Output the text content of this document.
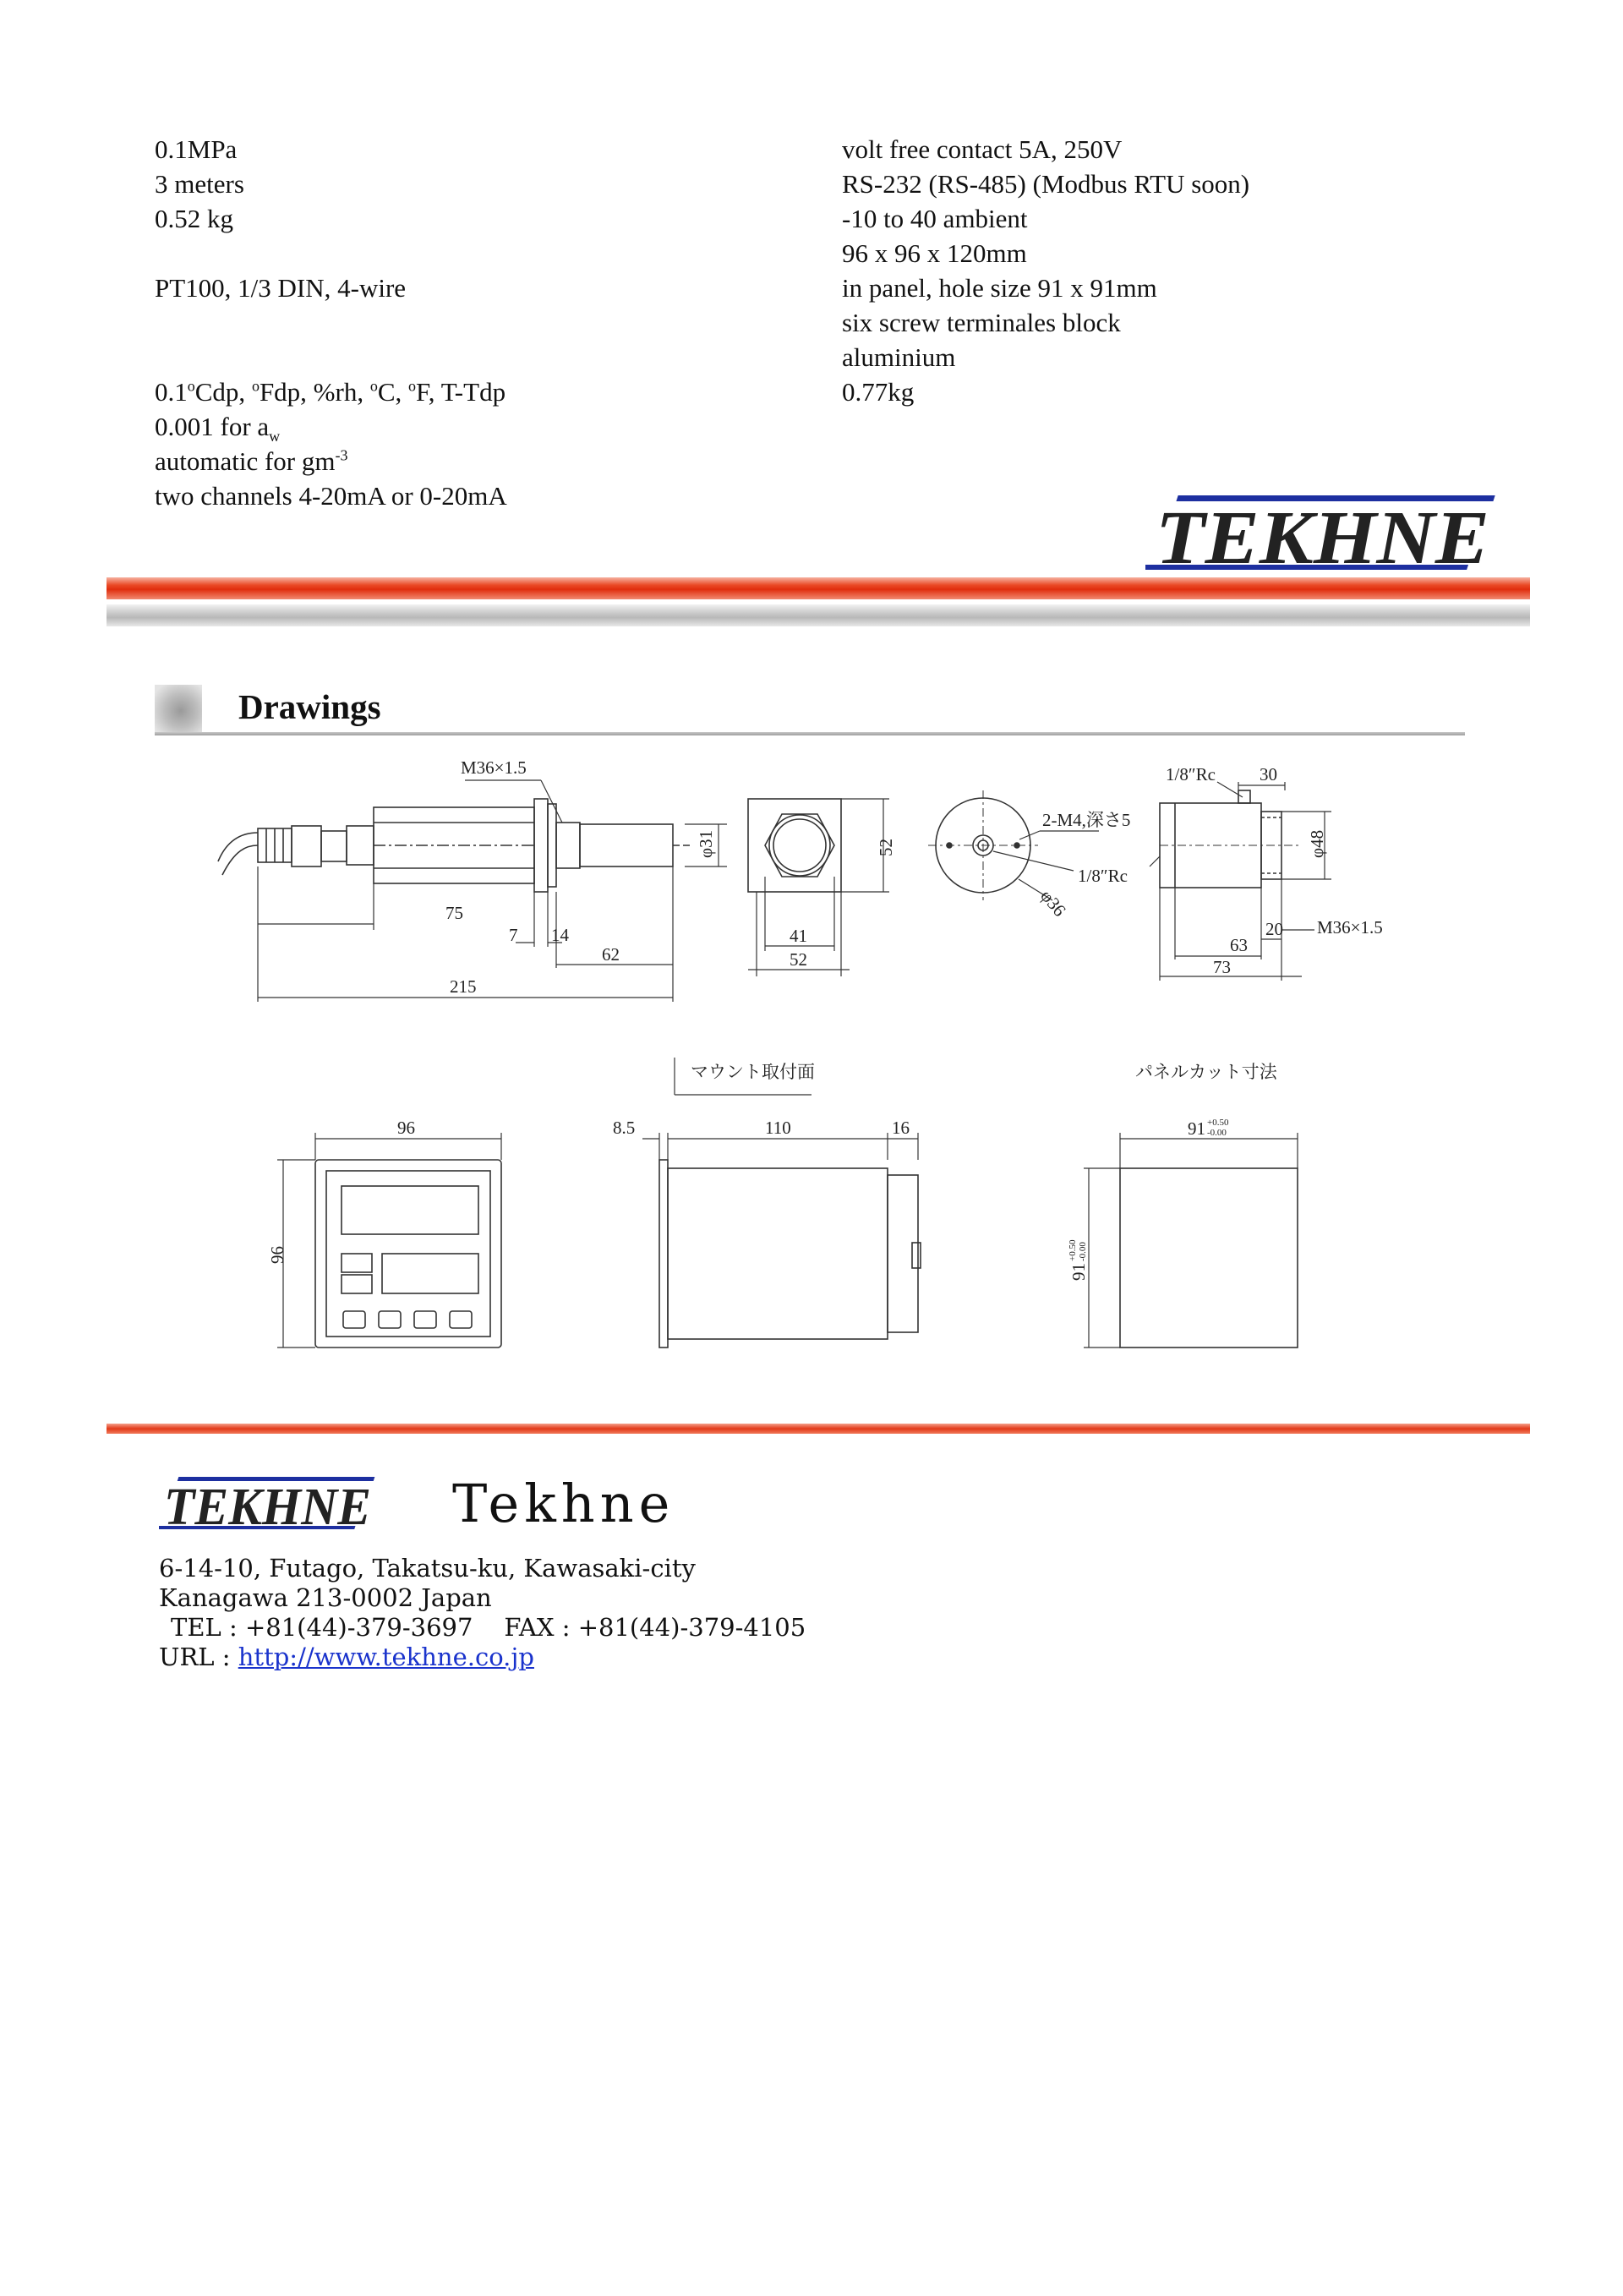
0.1MPa
3 meters
0.52 kg
PT100, 1/3 DIN, 4-wire
0.1$^o$Cdp, $^o$Fdp, %rh, $^o$C, $^o$F, T-Tdp
0.001 for $a_w$
automatic for $gm^{-3}$
two channels 4-20mA or 0-20mA
volt free contact 5A, 250V
RS-232 (RS-485) (Modbus RTU soon)
-10 to 40 ambient
96 x 96 x 120mm
in panel, hole size 91 x 91mm
six screw terminales block
aluminium
0.77kg
TEKHNE
Drawings
M36×1.5
φ31
75
7 14
62
215
52
41
52
2-M4,深さ5
1/8″Rc
φ36
1/8″Rc 30
φ48
63
73
20 M36×1.5
96
96
マウント取付面
8.5	110	16
パネルカット寸法
91 +0.50
-0.00
91
+0.50 -0.00
TEKHNE Tekhne
6-14-10, Futago, Takatsu-ku, Kawasaki-city
Kanagawa 213-0002 Japan
TEL : +81(44)-379-3697    FAX : +81(44)-379-4105
URL : http://www.tekhne.co.jp
